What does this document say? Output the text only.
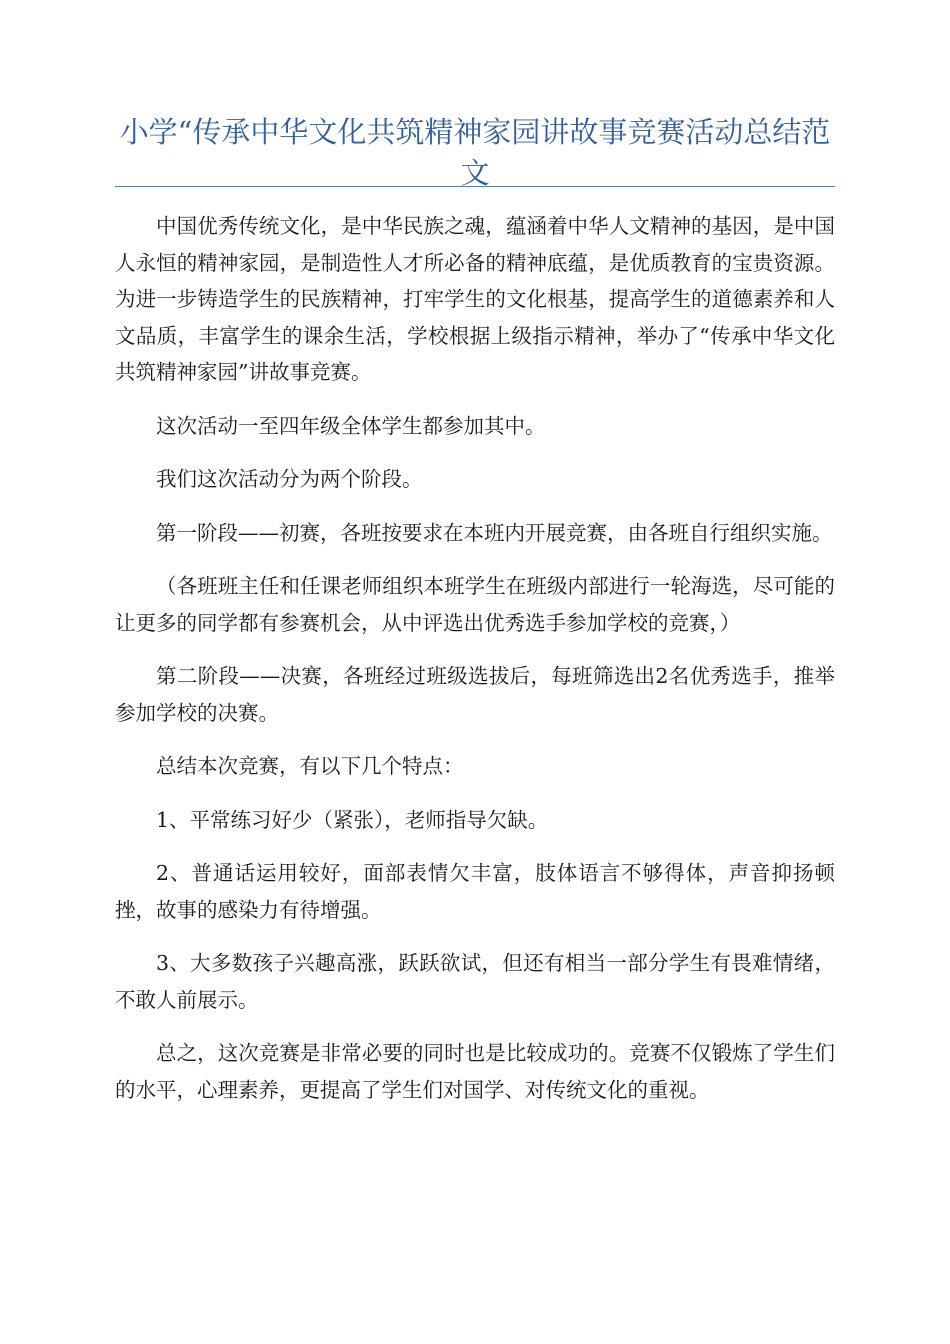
小学“传承中华文化共筑精神家园讲故事竞赛活动总结范文

中国优秀传统文化，是中华民族之魂，蕴涵着中华人文精神的基因，是中国人永恒的精神家园，是制造性人才所必备的精神底蕴，是优质教育的宝贵资源。为进一步铸造学生的民族精神，打牢学生的文化根基，提高学生的道德素养和人文品质，丰富学生的课余生活，学校根据上级指示精神，举办了“传承中华文化共筑精神家园”讲故事竞赛。

这次活动一至四年级全体学生都参加其中。

我们这次活动分为两个阶段。

第一阶段——初赛，各班按要求在本班内开展竞赛，由各班自行组织实施。

（各班班主任和任课老师组织本班学生在班级内部进行一轮海选，尽可能的让更多的同学都有参赛机会，从中评选出优秀选手参加学校的竞赛，）

第二阶段——决赛，各班经过班级选拔后，每班筛选出2名优秀选手，推举参加学校的决赛。

总结本次竞赛，有以下几个特点：

1、平常练习好少（紧张），老师指导欠缺。

2、普通话运用较好，面部表情欠丰富，肢体语言不够得体，声音抑扬顿挫，故事的感染力有待增强。

3、大多数孩子兴趣高涨，跃跃欲试，但还有相当一部分学生有畏难情绪，不敢人前展示。

总之，这次竞赛是非常必要的同时也是比较成功的。竞赛不仅锻炼了学生们的水平，心理素养，更提高了学生们对国学、对传统文化的重视。
